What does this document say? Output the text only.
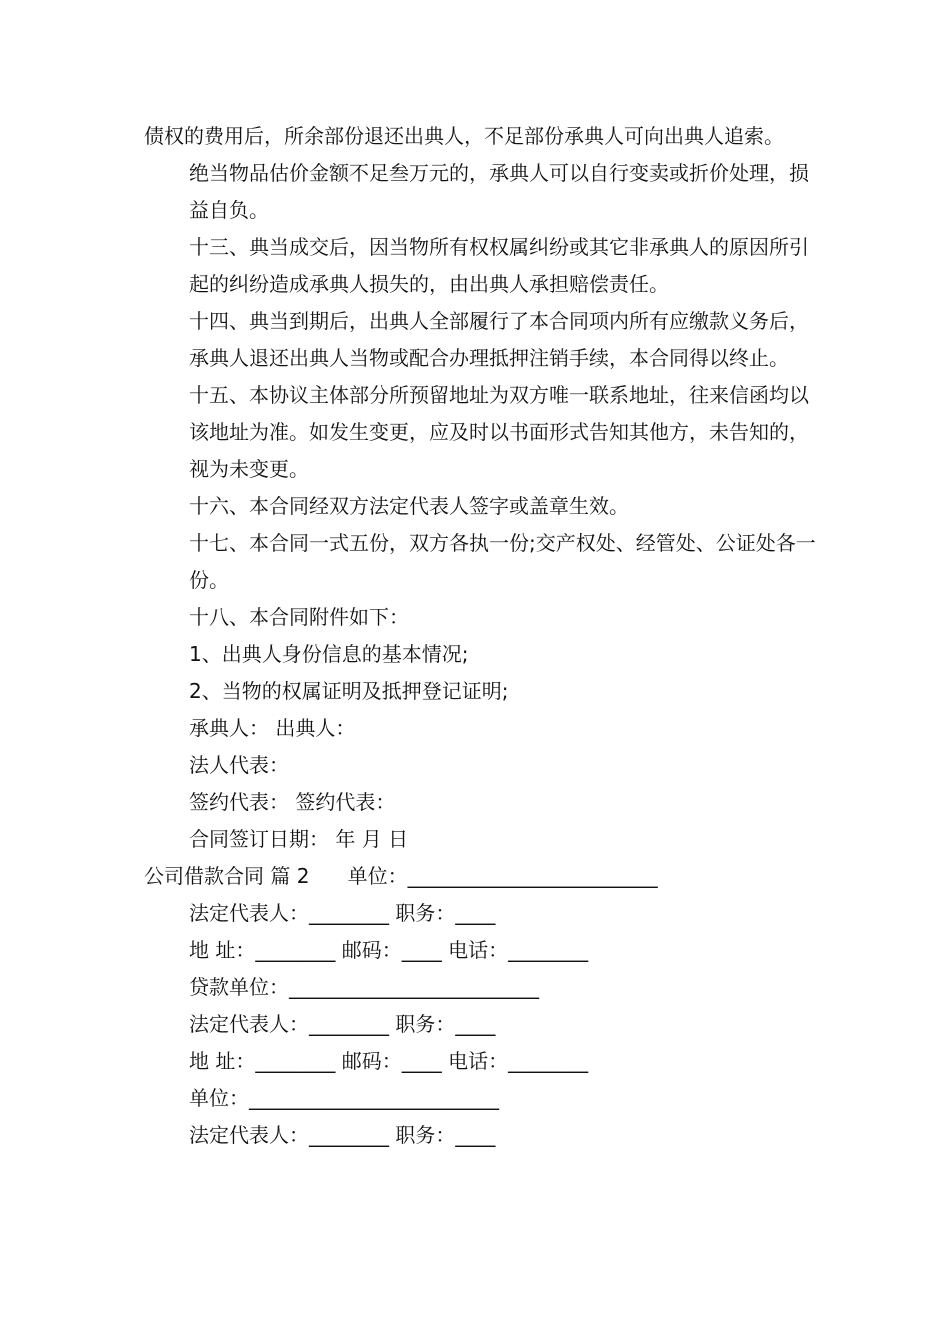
债权的费用后，所余部份退还出典人，不足部份承典人可向出典人追索。

绝当物品估价金额不足叁万元的，承典人可以自行变卖或折价处理，损益自负。

十三、典当成交后，因当物所有权权属纠纷或其它非承典人的原因所引起的纠纷造成承典人损失的，由出典人承担赔偿责任。

十四、典当到期后，出典人全部履行了本合同项内所有应缴款义务后，承典人退还出典人当物或配合办理抵押注销手续，本合同得以终止。

十五、本协议主体部分所预留地址为双方唯一联系地址，往来信函均以该地址为准。如发生变更，应及时以书面形式告知其他方，未告知的，视为未变更。

十六、本合同经双方法定代表人签字或盖章生效。

十七、本合同一式五份，双方各执一份;交产权处、经管处、公证处各一份。

十八、本合同附件如下：

1、出典人身份信息的基本情况;

2、当物的权属证明及抵押登记证明;

承典人： 出典人：

法人代表：

签约代表： 签约代表：

合同签订日期： 年 月 日

公司借款合同 篇 2      单位：_________________________

法定代表人：________ 职务：____

地 址：________ 邮码：____ 电话：________

贷款单位：_________________________

法定代表人：________ 职务：____

地 址：________ 邮码：____ 电话：________

单位：_________________________

法定代表人：________ 职务：____
